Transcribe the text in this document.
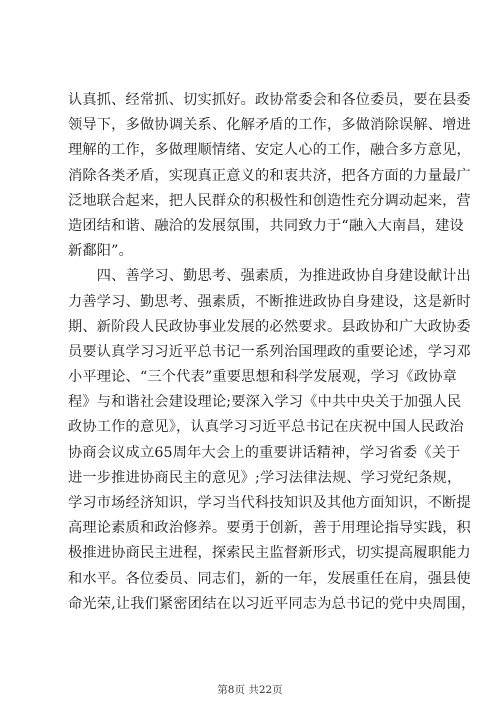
认真抓、经常抓、切实抓好。政协常委会和各位委员，要在县委
领导下，多做协调关系、化解矛盾的工作，多做消除误解、增进
理解的工作，多做理顺情绪、安定人心的工作，融合多方意见，
消除各类矛盾，实现真正意义的和衷共济，把各方面的力量最广
泛地联合起来，把人民群众的积极性和创造性充分调动起来，营
造团结和谐、融洽的发展氛围，共同致力于“融入大南昌，建设
新鄱阳”。
　　四、善学习、勤思考、强素质，为推进政协自身建设献计出
力善学习、勤思考、强素质，不断推进政协自身建设，这是新时
期、新阶段人民政协事业发展的必然要求。县政协和广大政协委
员要认真学习习近平总书记一系列治国理政的重要论述，学习邓
小平理论、“三个代表”重要思想和科学发展观，学习《政协章
程》与和谐社会建设理论;要深入学习《中共中央关于加强人民
政协工作的意见》，认真学习习近平总书记在庆祝中国人民政治
协商会议成立65周年大会上的重要讲话精神，学习省委《关于
进一步推进协商民主的意见》;学习法律法规、学习党纪条规，
学习市场经济知识，学习当代科技知识及其他方面知识，不断提
高理论素质和政治修养。要勇于创新，善于用理论指导实践，积
极推进协商民主进程，探索民主监督新形式，切实提高履职能力
和水平。各位委员、同志们，新的一年，发展重任在肩，强县使
命光荣,让我们紧密团结在以习近平同志为总书记的党中央周围，
第8页 共22页
